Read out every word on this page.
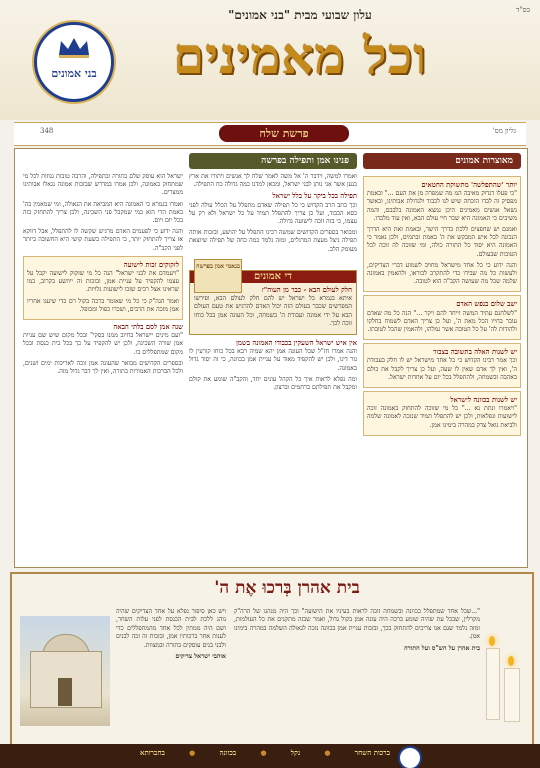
בס"ד
עלון שבועי מבית "בני אמונים"
וכל מאמינים
בני אמונים
גליון מס'
פרשת שלח
348
מאוצרות אמונים
פנינו אמן ותפילה בפרשה
יותר 'שהתפלשה' מתשוקת החטאים

"כי פעלו דנדוק מאיבה המ מה שמפרה מן את העם ..." ובאמת מפסיק זה לבדו הוכחה שיש לנו לכבוד ולגדולת אבותינו, וכאשר נשאל אנשים מאמינים היכן נמצא האמונה בלבבם, והמה משיבים כי האמונה היא שכר חיי עולם הבא, ואין עוד מלבדו.

ואמנם יש שחפצים ללכת בדרך הישר, ובאמת זאת היא הדרך הנכונה לכל איש המבקש את ה' באמת ובתמים, ולכן נאמר כי האמונה היא יסוד כל התורה כולה, ומי שזוכה לה זוכה לכל הטובות שבעולם.

והנה ידוע כי כל אחד מישראל מחויב לשמוע דברי הצדיקים, ולעשות כל מה שבידו כדי להתקרב לבוראו, ולהאמין באמונה שלמה שכל מה שעושה הקב"ה הוא לטובה.

ישב שלום בנפש האדם

"לשלחנם עתיד המשה וייחד להם ויקר ..." הנה כל מה שאדם עובר בחייו הכל מאת ה', ועל כן צריך האדם לשמוח בחלקו ולהודות לה' על כל הטובה אשר גמלהו, ולהאמין שהכל לטובתו.

יש לשנות האלה בתשובה בצבור

וכך אמר רבינו הקדוש כי כל אחד מישראל יש לו חלק בעבודת ה', ואין לך אדם שאין לו שעה, ועל כן צריך לקבל את כולם באהבה ובשמחה, ולהתפלל בכל יום על אחדות ישראל.

יש לשנות בכוונה לישראל

"ויאמרו ונתת נא ..." כל מי שזוכה להתחזק באמונה זוכה לישועות ונפלאות, ולכן יש להתפלל תמיד שנזכה לאמונה שלמה ולביאת גואל צדק במהרה בימינו אמן.

ואמרו למשה, וידבר ה' אל משה לאמר שלח לך אנשים ויתורו את ארץ כנען אשר אני נותן לבני ישראל, ומכאן למדנו כמה גדולה כח התפילה.

תפילה בכל ביקר על בלל ישראל

וכך כתב הרב הקדוש כי כל תפילה שאדם מתפלל על הכלל עולה לפני כסא הכבוד, ועל כן צריך להתפלל תמיד על כל ישראל ולא רק על עצמו, כי בזה זוכה לישועה גדולה.

ומבואר בספרים הקדושים שמשה רבינו התפלל על יהושע, ובזכות אותה תפילה ניצל מעצת המרגלים, ומזה נלמד כמה כחה של תפילה שיוצאת מעומק הלב.

בנאמי אמן בפרשה
די אמונים
חלק לעולם הבא - כבר מן העוה"ז

איתא בגמרא כל ישראל יש להם חלק לעולם הבא, ופירשו המפרשים שכבר בעולם הזה יכול האדם להרגיש את טעם העולם הבא על ידי אמונה ועבודת ה' בשמחה, וכל העונה אמן בכל כוחו זוכה לכך.

אין איש ישראל השעקין בכבודו האמונה בשמן

והנה אמרו חז"ל שכל העונה אמן יהא שמיה רבא בכל כוחו קורעין לו גזר דינו, ולכן יש להקפיד מאוד על עניית אמן בכוונה, כי זה יסוד גדול באמונה.

ומה נפלא לראות איך כל הקהל עונים יחד, והקב"ה שומע את קולם ומקבל את תפילתם ברחמים וברצון.

ישראל הוא עוסק שלם בתורה ובתפילה, והרבה טובות גנוזות לכל מי שמתחזק באמונה, ולכן אמרו במדרש שבזכות אמונה נגאלו אבותינו ממצרים.

ואמרו בגמרא כי האמונה היא המביאה את הגאולה, ומי שמאמין בה' באמת הרי הוא כמי שמקבל פני השכינה, ולכן צריך להתחזק בזה בכל יום ויום.

והנה ידוע כי לפעמים האדם מרגיש שקשה לו להתפלל, אבל דווקא אז צריך להתחזק יותר, כי התפילה בשעת קושי היא החשובה ביותר לפני הקב"ה.

לזקוקים זכות לישועה

"ויעמדם את לבני ישראל" הנה כל מי שזקוק לישועה יקבל על עצמו להקפיד על עניית אמן, ובזכות זה ייוושע בקרוב, כמו שראינו אצל רבים שזכו לישועות גלויות.

ואמר הגה"ק כי כל מי שאומר ברכה בקול רם כדי שיענו אחריו אמן מזכה את הרבים, ושכרו כפול ומכופל.

שנה אמן לסם בלתי הבאה

"ועם מינים יישראל בחיוב ממנו בסקי" ובכל מקום שיש שם עניית אמן שורה השכינה, ולכן יש להקפיד על כך בכל בית כנסת ובכל מקום שמתפללים בו.

ובספרים הקדושים מבואר שהעונה אמן זוכה לאריכות ימים ושנים, ולכל הברכות האמורות בתורה, ואין לך דבר גדול מזה.

בית אהרן בְּרכוּ אֶת ה'
ויש כאן סיפור נפלא על אחד הצדיקים שהיה נוהג ללכת לבית הכנסת לפני עלות השחר, ושם היה ממתין לכל אחד מהמתפללים כדי לענות אחר ברכותיו אמן, ובזכות זה זכה לבנים ולבני בנים עוסקים בתורה ובמצוות.
אוהבי ישראל צדיקים
"...שכל אחד שמתפלל בכוונה ובשמחה זוכה לראות בעיניו את הישועה" וכך היה מנהגו של הרה"ק מקרלין, שבכל עת שהיה שומע ברכה היה עונה אמן בקול גדול, ואמר שבזה מתקנים את כל העולמות, ומזה נלמד שגם אנו צריכים להתחזק בכך, ובזכות עניית אמן בכוונה נזכה לגאולה השלמה במהרה בימינו אמן.
בית אהרן על הש"ס ועל התורה
ברכות השחר
●
נקל
●
בכוונה
●
בחברותא
